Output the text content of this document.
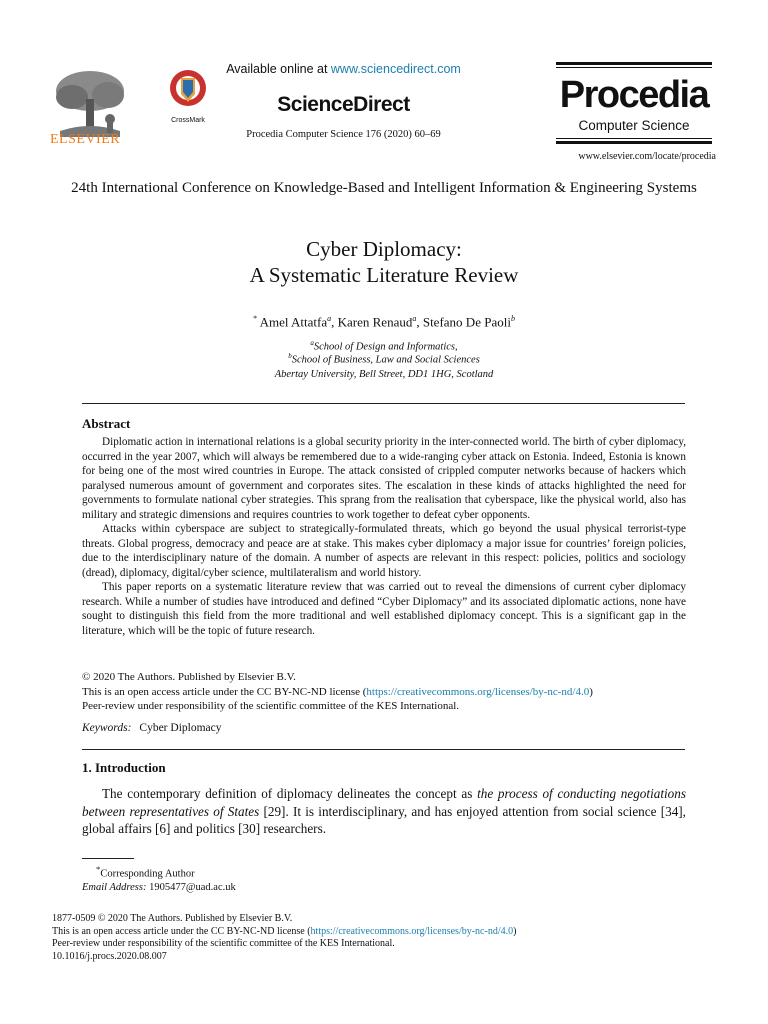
ELSEVIER
CrossMark
Available online at www.sciencedirect.com
ScienceDirect
Procedia Computer Science 176 (2020) 60–69
Procedia
Computer Science
www.elsevier.com/locate/procedia
24th International Conference on Knowledge-Based and Intelligent Information & Engineering Systems
Cyber Diplomacy:
A Systematic Literature Review
* Amel Attatfa$^a$, Karen Renaud$^a$, Stefano De Paoli$^b$
$^a$School of Design and Informatics,
$^b$School of Business, Law and Social Sciences
Abertay University, Bell Street, DD1 1HG, Scotland
Abstract

Diplomatic action in international relations is a global security priority in the inter-connected world. The birth of cyber diplomacy, occurred in the year 2007, which will always be remembered due to a wide-ranging cyber attack on Estonia. Indeed, Estonia is known for being one of the most wired countries in Europe. The attack consisted of crippled computer networks because of hackers which paralysed numerous amount of government and corporates sites. The escalation in these kinds of attacks highlighted the need for governments to formulate national cyber strategies. This sprang from the realisation that cyberspace, like the physical world, also has military and strategic dimensions and requires countries to work together to defeat cyber opponents.

Attacks within cyberspace are subject to strategically-formulated threats, which go beyond the usual physical terrorist-type threats. Global progress, democracy and peace are at stake. This makes cyber diplomacy a major issue for countries’ foreign policies, due to the interdisciplinary nature of the domain. A number of aspects are relevant in this respect: policies, politics and sociology (dread), diplomacy, digital/cyber science, multilateralism and world history.

This paper reports on a systematic literature review that was carried out to reveal the dimensions of current cyber diplomacy research. While a number of studies have introduced and defined “Cyber Diplomacy” and its associated diplomatic actions, none have sought to distinguish this field from the more traditional and well established diplomacy concept. This is a significant gap in the literature, which will be the topic of future research.

© 2020 The Authors. Published by Elsevier B.V.
This is an open access article under the CC BY-NC-ND license (https://creativecommons.org/licenses/by-nc-nd/4.0)
Peer-review under responsibility of the scientific committee of the KES International.
Keywords: Cyber Diplomacy
1. Introduction

The contemporary definition of diplomacy delineates the concept as the process of conducting negotiations between representatives of States [29]. It is interdisciplinary, and has enjoyed attention from social science [34], global affairs [6] and politics [30] researchers.

*Corresponding Author
Email Address: 1905477@uad.ac.uk
1877-0509 © 2020 The Authors. Published by Elsevier B.V.
This is an open access article under the CC BY-NC-ND license (https://creativecommons.org/licenses/by-nc-nd/4.0)
Peer-review under responsibility of the scientific committee of the KES International.
10.1016/j.procs.2020.08.007
